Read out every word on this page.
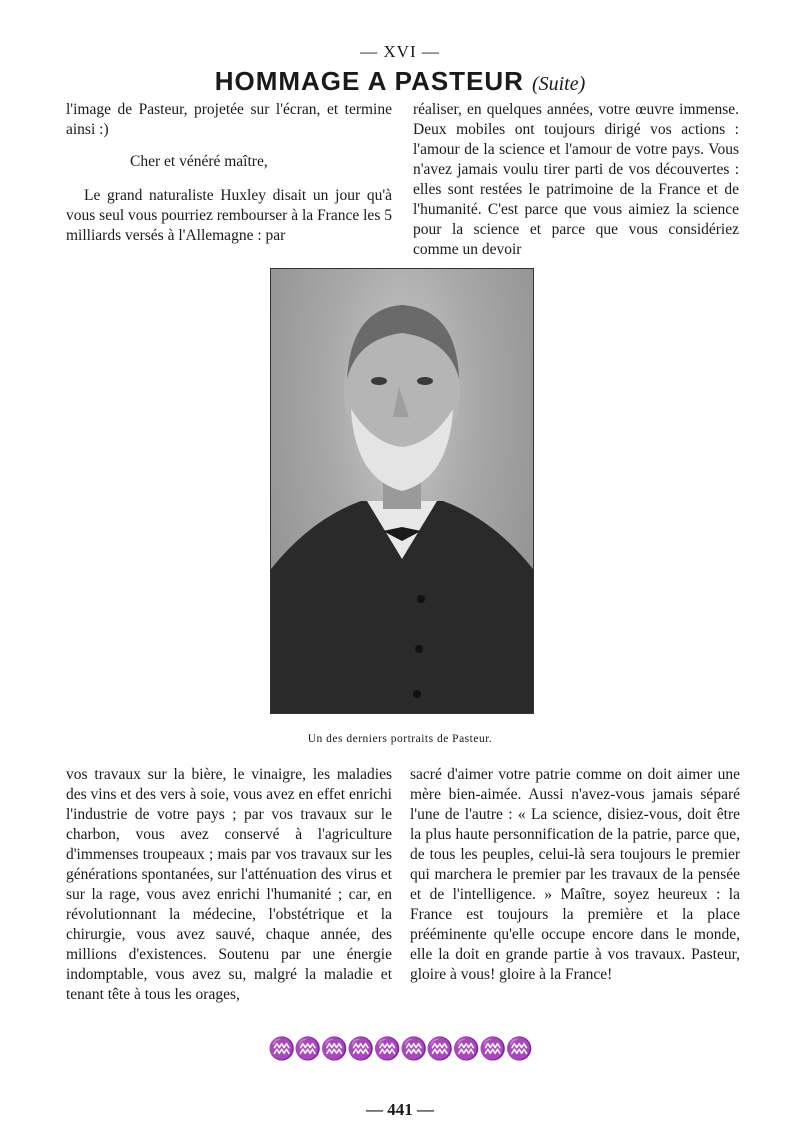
— XVI —
HOMMAGE A PASTEUR (Suite)

l'image de Pasteur, projetée sur l'écran, et termine ainsi :)

Cher et vénéré maître,

Le grand naturaliste Huxley disait un jour qu'à vous seul vous pourriez rembourser à la France les 5 milliards versés à l'Allemagne : par

réaliser, en quelques années, votre œuvre immense. Deux mobiles ont toujours dirigé vos actions : l'amour de la science et l'amour de votre pays. Vous n'avez jamais voulu tirer parti de vos découvertes : elles sont restées le patrimoine de la France et de l'humanité. C'est parce que vous aimiez la science pour la science et parce que vous considériez comme un devoir

Un des derniers portraits de Pasteur.

vos travaux sur la bière, le vinaigre, les maladies des vins et des vers à soie, vous avez en effet enrichi l'industrie de votre pays ; par vos travaux sur le charbon, vous avez conservé à l'agriculture d'immenses troupeaux ; mais par vos travaux sur les générations spontanées, sur l'atténuation des virus et sur la rage, vous avez enrichi l'humanité ; car, en révolutionnant la médecine, l'obstétrique et la chirurgie, vous avez sauvé, chaque année, des millions d'existences. Soutenu par une énergie indomptable, vous avez su, malgré la maladie et tenant tête à tous les orages,

sacré d'aimer votre patrie comme on doit aimer une mère bien-aimée. Aussi n'avez-vous jamais séparé l'une de l'autre : « La science, disiez-vous, doit être la plus haute personnification de la patrie, parce que, de tous les peuples, celui-là sera toujours le premier qui marchera le premier par les travaux de la pensée et de l'intelligence. » Maître, soyez heureux : la France est toujours la première et la place prééminente qu'elle occupe encore dans le monde, elle la doit en grande partie à vos travaux. Pasteur, gloire à vous! gloire à la France!

♒♒♒♒♒♒♒♒♒♒
— 441 —
